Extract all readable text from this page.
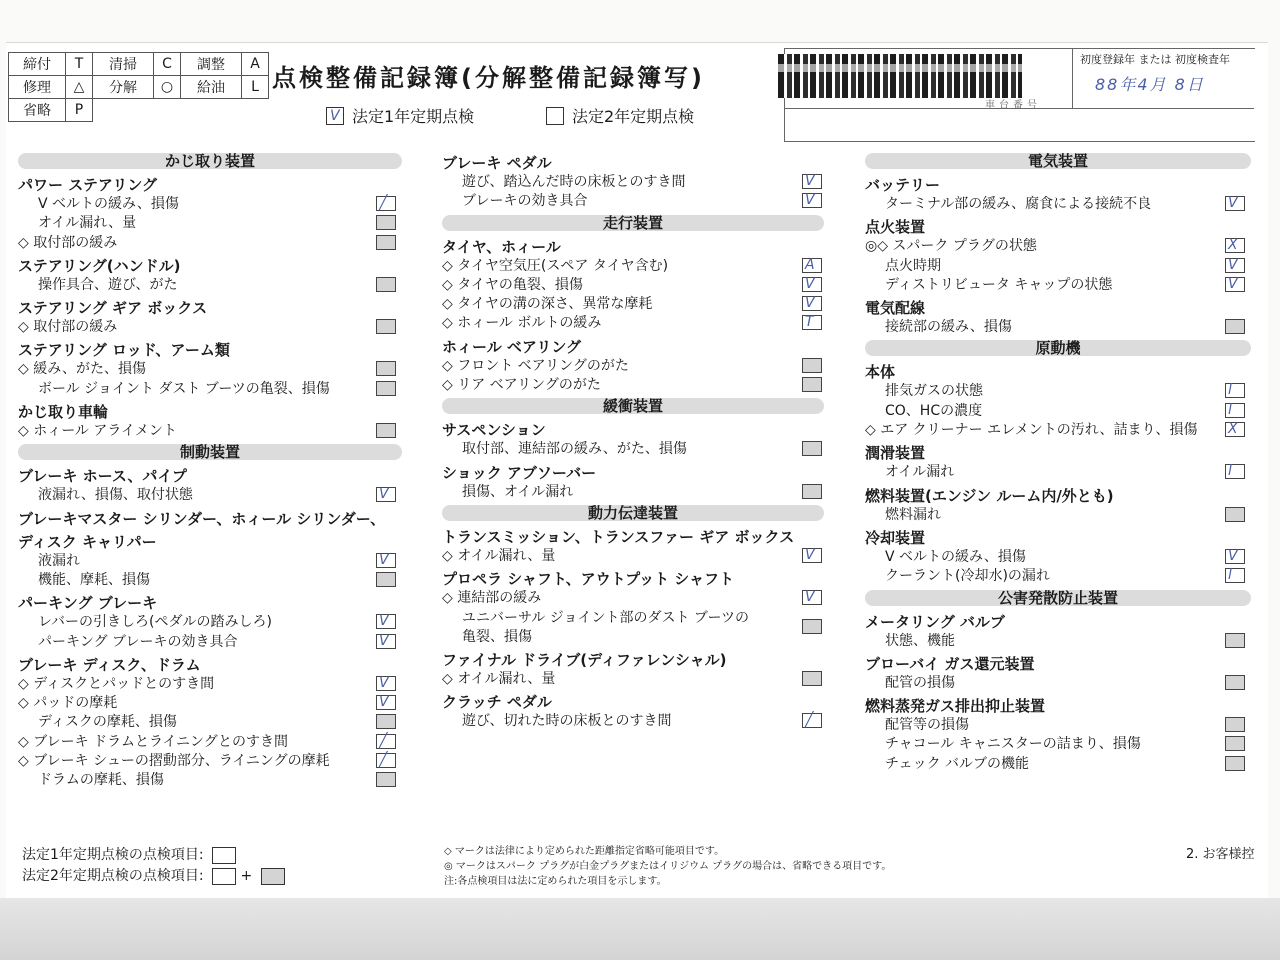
締付	T	清掃	C	調整	A
修理	△	分解	○	給油	L
省略	P				
点検整備記録簿(分解整備記録簿写)
V 法定1年定期点検	法定2年定期点検
初度登録年 または 初度検査年
車台番号
88年4月 8日
かじ取り装置
パワー ステアリング
V ベルトの緩み、損傷	╱
オイル漏れ、量
◇ 取付部の緩み
ステアリング(ハンドル)
操作具合、遊び、がた
ステアリング ギア ボックス
◇ 取付部の緩み
ステアリング ロッド、アーム類
◇ 緩み、がた、損傷
ボール ジョイント ダスト ブーツの亀裂、損傷
かじ取り車輪
◇ ホィール アライメント
制動装置
ブレーキ ホース、パイプ
液漏れ、損傷、取付状態	V
ブレーキマスター シリンダー、ホィール シリンダー、
ディスク キャリパー
液漏れ	V
機能、摩耗、損傷
パーキング ブレーキ
レバーの引きしろ(ペダルの踏みしろ)	V
パーキング ブレーキの効き具合	V
ブレーキ ディスク、ドラム
◇ ディスクとパッドとのすき間	V
◇ パッドの摩耗	V
ディスクの摩耗、損傷
◇ ブレーキ ドラムとライニングとのすき間	╱
◇ ブレーキ シューの摺動部分、ライニングの摩耗	╱
ドラムの摩耗、損傷
ブレーキ ペダル
遊び、踏込んだ時の床板とのすき間	V
ブレーキの効き具合	V
走行装置
タイヤ、ホィール
◇ タイヤ空気圧(スペア タイヤ含む)	A
◇ タイヤの亀裂、損傷	V
◇ タイヤの溝の深さ、異常な摩耗	V
◇ ホィール ボルトの緩み	T
ホィール ベアリング
◇ フロント ベアリングのがた
◇ リア ベアリングのがた
緩衝装置
サスペンション
取付部、連結部の緩み、がた、損傷
ショック アブソーバー
損傷、オイル漏れ
動力伝達装置
トランスミッション、トランスファー ギア ボックス
◇ オイル漏れ、量	V
プロペラ シャフト、アウトプット シャフト
◇ 連結部の緩み	V
ユニバーサル ジョイント部のダスト ブーツの
亀裂、損傷
ファイナル ドライブ(ディファレンシャル)
◇ オイル漏れ、量
クラッチ ペダル
遊び、切れた時の床板とのすき間	╱
電気装置
バッテリー
ターミナル部の緩み、腐食による接続不良	V
点火装置
◎◇ スパーク プラグの状態	X
点火時期	V
ディストリビュータ キャップの状態	V
電気配線
接続部の緩み、損傷
原動機
本体
排気ガスの状態	l
CO、HCの濃度	l
◇ エア クリーナー エレメントの汚れ、詰まり、損傷 X
潤滑装置
オイル漏れ	l
燃料装置(エンジン ルーム内/外とも)
燃料漏れ
冷却装置
V ベルトの緩み、損傷	V
クーラント(冷却水)の漏れ	l
公害発散防止装置
メータリング バルブ
状態、機能
ブローバイ ガス還元装置
配管の損傷
燃料蒸発ガス排出抑止装置
配管等の損傷
チャコール キャニスターの詰まり、損傷
チェック バルブの機能
法定1年定期点検の点検項目:
法定2年定期点検の点検項目:	+
◇ マークは法律により定められた距離指定省略可能項目です。
◎ マークはスパーク プラグが白金プラグまたはイリジウム プラグの場合は、省略できる項目です。
注:各点検項目は法に定められた項目を示します。
2. お客様控
